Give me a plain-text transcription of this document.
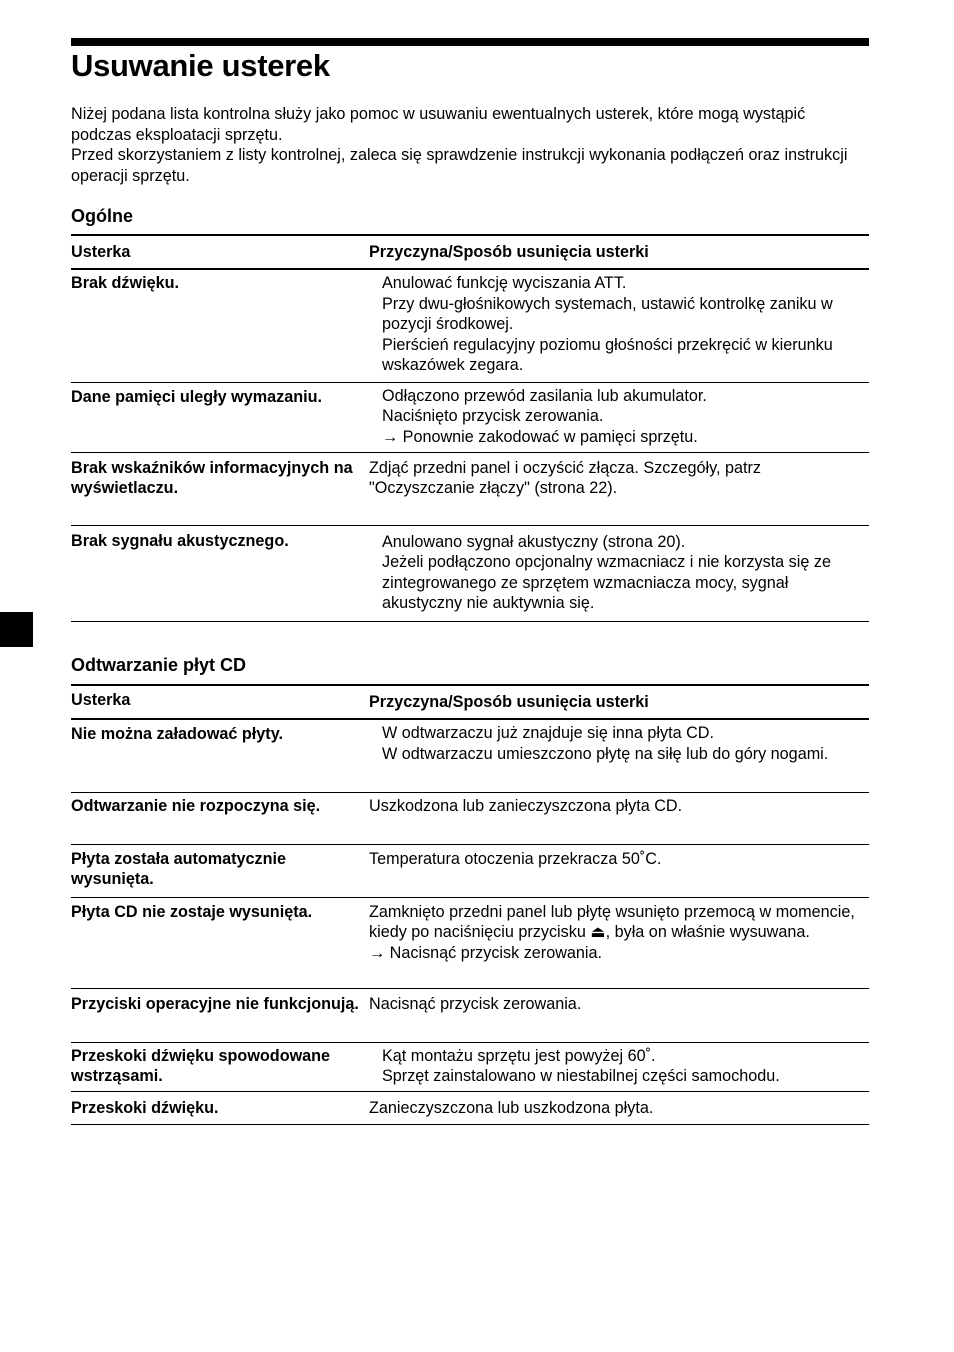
Usuwanie usterek

Niżej podana lista kontrolna służy jako pomoc w usuwaniu ewentualnych usterek, które mogą wystąpić podczas eksploatacji sprzętu.

Przed skorzystaniem z listy kontrolnej, zaleca się sprawdzenie instrukcji wykonania podłączeń oraz instrukcji operacji sprzętu.

Ogólne
Usterka	Przyczyna/Sposób usunięcia usterki
Brak dźwięku.	Anulować funkcję wyciszania ATT.
Przy dwu-głośnikowych systemach, ustawić kontrolkę zaniku w pozycji środkowej.
Pierścień regulacyjny poziomu głośności przekręcić w kierunku wskazówek zegara.

Dane pamięci uległy wymazaniu.	Odłączono przewód zasilania lub akumulator.
Naciśnięto przycisk zerowania.
→ Ponownie zakodować w pamięci sprzętu.

Brak wskaźników informacyjnych na wyświetlaczu.	Zdjąć przedni panel i oczyścić złącza. Szczegóły, patrz "Oczyszczanie złączy" (strona 22).

Brak sygnału akustycznego.	Anulowano sygnał akustyczny (strona 20).
Jeżeli podłączono opcjonalny wzmacniacz i nie korzysta się ze zintegrowanego ze sprzętem wzmacniacza mocy, sygnał akustyczny nie auktywnia się.
Odtwarzanie płyt CD
Usterka	Przyczyna/Sposób usunięcia usterki
Nie można załadować płyty.	W odtwarzaczu już znajduje się inna płyta CD.
W odtwarzaczu umieszczono płytę na siłę lub do góry nogami.

Odtwarzanie nie rozpoczyna się.	Uszkodzona lub zanieczyszczona płyta CD.

Płyta została automatycznie wysunięta.	Temperatura otoczenia przekracza 50˚C.

Płyta CD nie zostaje wysunięta.	Zamknięto przedni panel lub płytę wsunięto przemocą w momencie, kiedy po naciśnięciu przycisku ⏏, była on właśnie wysuwana.
→ Nacisnąć przycisk zerowania.

Przyciski operacyjne nie funkcjonują.	Nacisnąć przycisk zerowania.

Przeskoki dźwięku spowodowane wstrząsami.	Kąt montażu sprzętu jest powyżej 60˚.
Sprzęt zainstalowano w niestabilnej części samochodu.

Przeskoki dźwięku.	Zanieczyszczona lub uszkodzona płyta.
